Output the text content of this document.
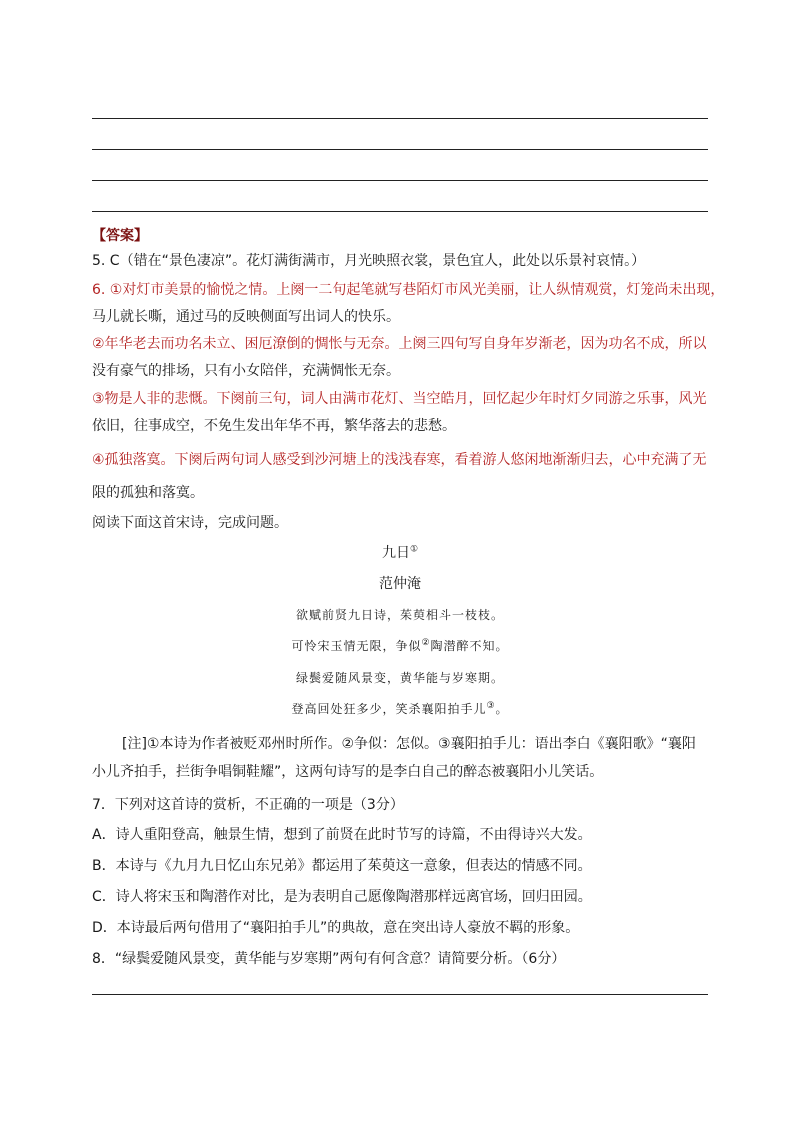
【答案】
5. C（错在“景色凄凉”。花灯满街满市，月光映照衣裳，景色宜人，此处以乐景衬哀情。）
6. ①对灯市美景的愉悦之情。上阕一二句起笔就写巷陌灯市风光美丽，让人纵情观赏，灯笼尚未出现，
马儿就长嘶，通过马的反映侧面写出词人的快乐。
②年华老去而功名未立、困厄潦倒的惆怅与无奈。上阕三四句写自身年岁渐老，因为功名不成，所以
没有豪气的排场，只有小女陪伴，充满惆怅无奈。
③物是人非的悲慨。下阕前三句，词人由满市花灯、当空皓月，回忆起少年时灯夕同游之乐事，风光
依旧，往事成空，不免生发出年华不再，繁华落去的悲愁。
④孤独落寞。下阕后两句词人感受到沙河塘上的浅浅春寒，看着游人悠闲地渐渐归去，心中充满了无
限的孤独和落寞。
阅读下面这首宋诗，完成问题。
九日①
范仲淹
欲赋前贤九日诗，茱萸相斗一枝枝。
可怜宋玉情无限，争似②陶潜醉不知。
绿鬓爱随风景变，黄华能与岁寒期。
登高回处狂多少，笑杀襄阳拍手儿③。
[注]①本诗为作者被贬邓州时所作。②争似：怎似。③襄阳拍手儿：语出李白《襄阳歌》“襄阳
小儿齐拍手，拦街争唱铜鞋耀”，这两句诗写的是李白自己的醉态被襄阳小儿笑话。
7．下列对这首诗的赏析，不正确的一项是（3分）
A．诗人重阳登高，触景生情，想到了前贤在此时节写的诗篇，不由得诗兴大发。
B．本诗与《九月九日忆山东兄弟》都运用了茱萸这一意象，但表达的情感不同。
C．诗人将宋玉和陶潜作对比，是为表明自己愿像陶潜那样远离官场，回归田园。
D．本诗最后两句借用了“襄阳拍手儿”的典故，意在突出诗人豪放不羁的形象。
8．“绿鬓爱随风景变，黄华能与岁寒期”两句有何含意？请简要分析。（6分）
